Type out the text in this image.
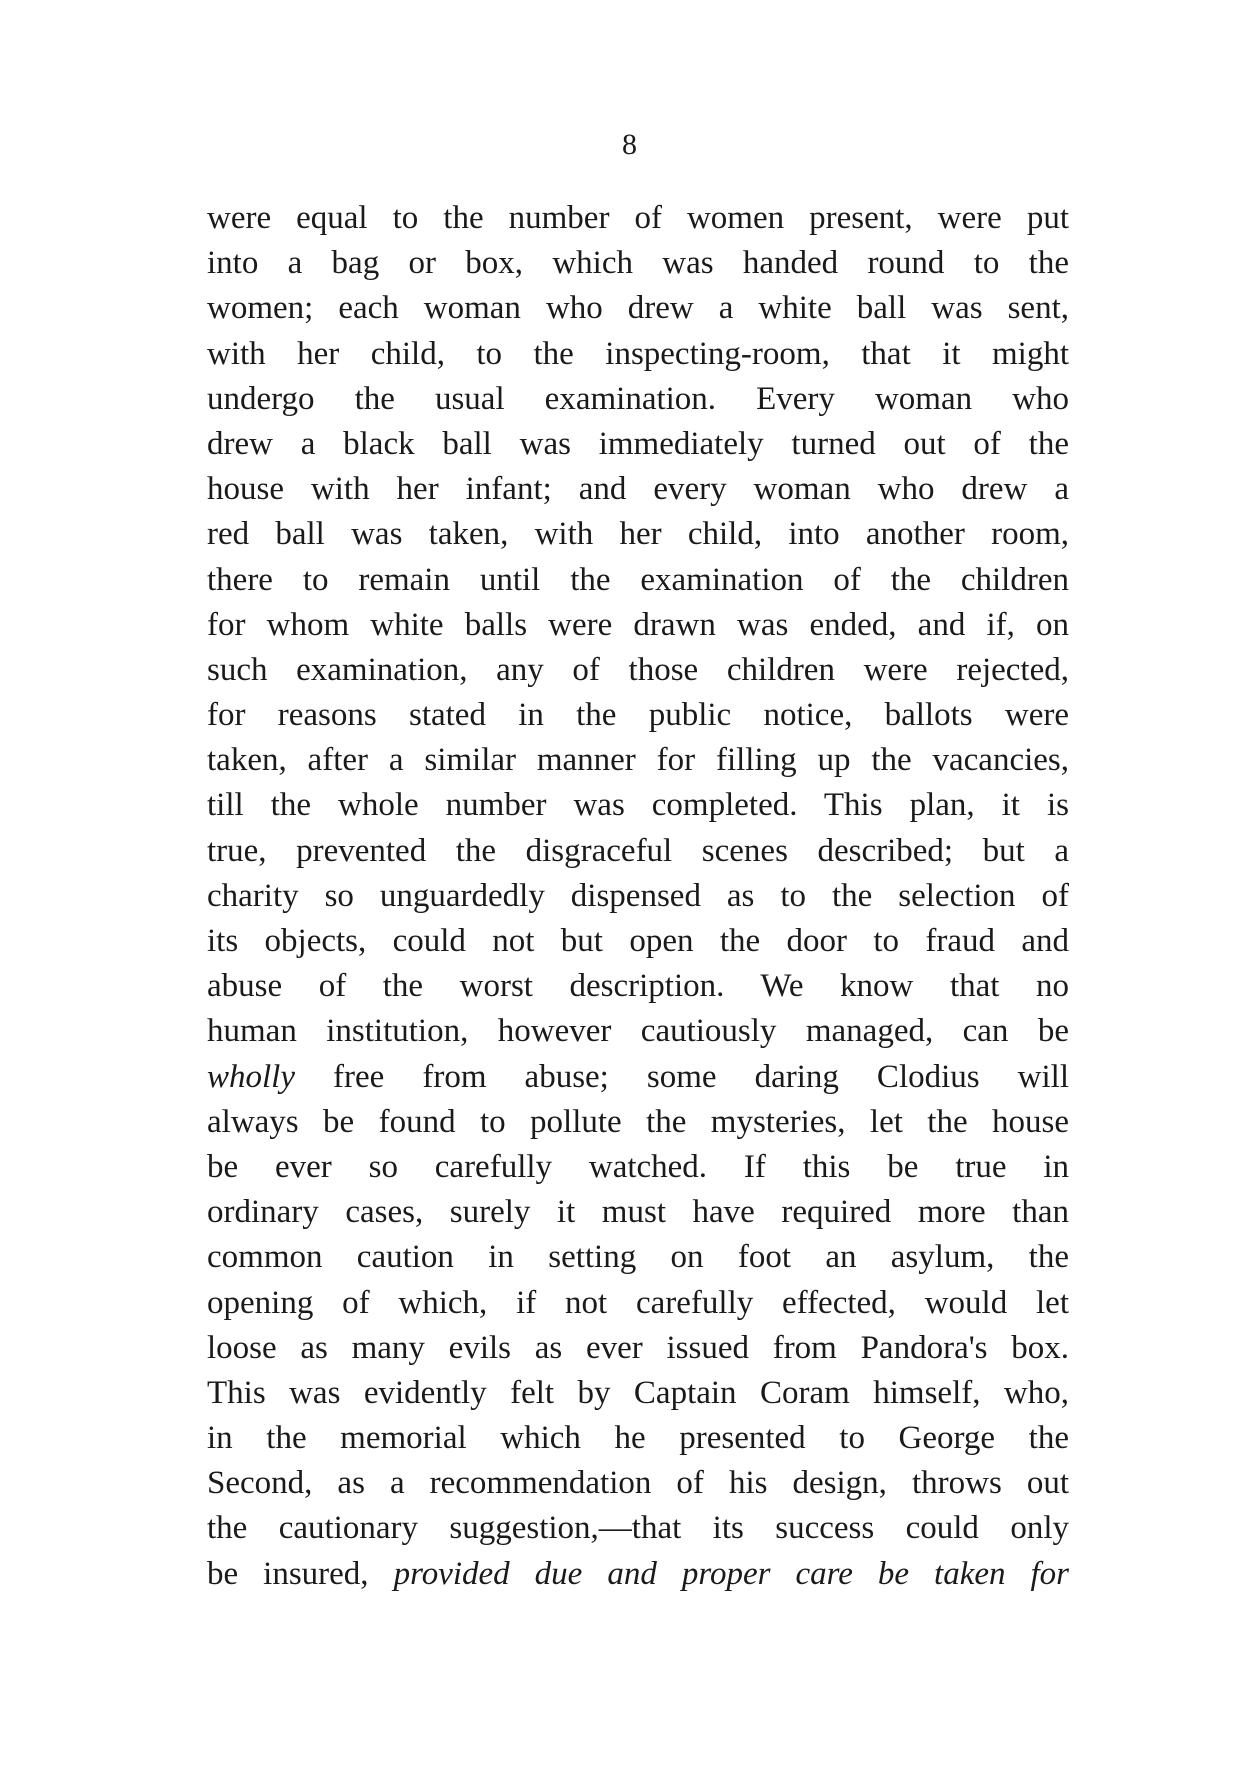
8
were equal to the number of women present, were put
into a bag or box, which was handed round to the
women; each woman who drew a white ball was sent,
with her child, to the inspecting-room, that it might
undergo the usual examination. Every woman who
drew a black ball was immediately turned out of the
house with her infant; and every woman who drew a
red ball was taken, with her child, into another room,
there to remain until the examination of the children
for whom white balls were drawn was ended, and if, on
such examination, any of those children were rejected,
for reasons stated in the public notice, ballots were
taken, after a similar manner for filling up the vacancies,
till the whole number was completed. This plan, it is
true, prevented the disgraceful scenes described; but a
charity so unguardedly dispensed as to the selection of
its objects, could not but open the door to fraud and
abuse of the worst description. We know that no
human institution, however cautiously managed, can be
wholly free from abuse; some daring Clodius will
always be found to pollute the mysteries, let the house
be ever so carefully watched. If this be true in
ordinary cases, surely it must have required more than
common caution in setting on foot an asylum, the
opening of which, if not carefully effected, would let
loose as many evils as ever issued from Pandora's box.
This was evidently felt by Captain Coram himself, who,
in the memorial which he presented to George the
Second, as a recommendation of his design, throws out
the cautionary suggestion,—that its success could only
be insured, provided due and proper care be taken for
